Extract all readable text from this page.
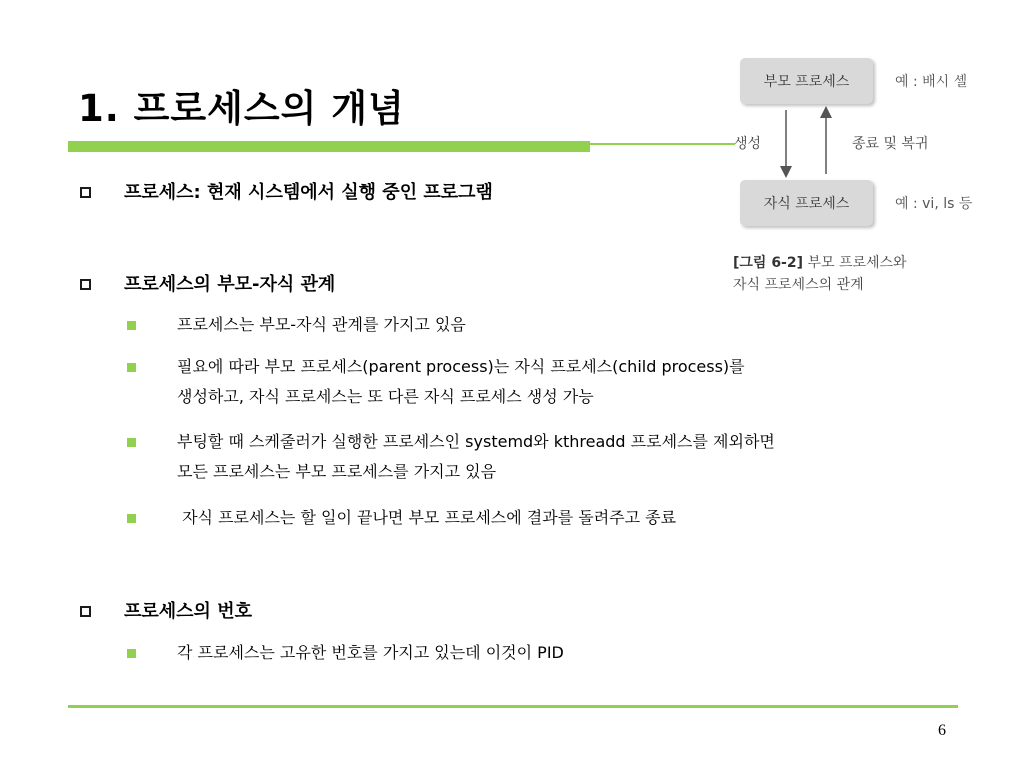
1. 프로세스의 개념
프로세스: 현재 시스템에서 실행 중인 프로그램
프로세스의 부모-자식 관계
프로세스는 부모-자식 관계를 가지고 있음
필요에 따라 부모 프로세스(parent process)는 자식 프로세스(child process)를
생성하고, 자식 프로세스는 또 다른 자식 프로세스 생성 가능
부팅할 때 스케줄러가 실행한 프로세스인 systemd와 kthreadd 프로세스를 제외하면
모든 프로세스는 부모 프로세스를 가지고 있음
자식 프로세스는 할 일이 끝나면 부모 프로세스에 결과를 돌려주고 종료
프로세스의 번호
각 프로세스는 고유한 번호를 가지고 있는데 이것이 PID
부모 프로세스	예 : 배시 셸
생성	종료 및 복귀
자식 프로세스	예 : vi, ls 등
[그림 6-2] 부모 프로세스와
자식 프로세스의 관계
6
